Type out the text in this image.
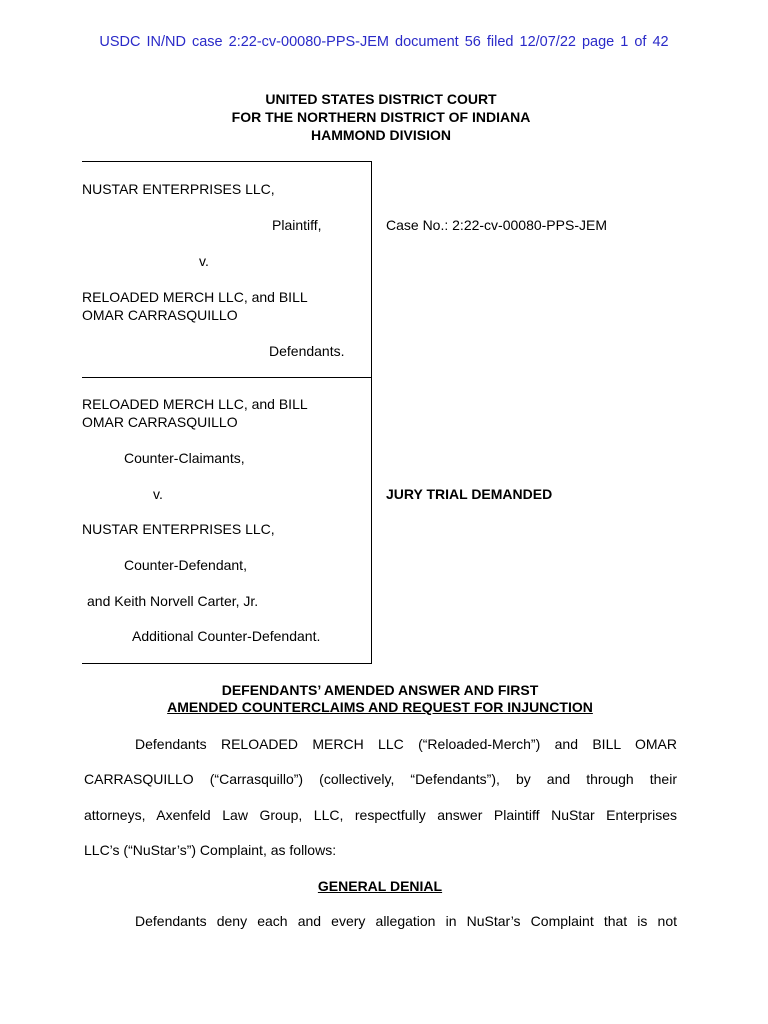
USDC IN/ND case 2:22-cv-00080-PPS-JEM document 56 filed 12/07/22 page 1 of 42
UNITED STATES DISTRICT COURT
FOR THE NORTHERN DISTRICT OF INDIANA
HAMMOND DIVISION
NUSTAR ENTERPRISES LLC,
Plaintiff,
v.
RELOADED MERCH LLC, and BILL
OMAR CARRASQUILLO
Defendants.
RELOADED MERCH LLC, and BILL
OMAR CARRASQUILLO
Counter-Claimants,
v.
NUSTAR ENTERPRISES LLC,
Counter-Defendant,
and Keith Norvell Carter, Jr.
Additional Counter-Defendant.
Case No.: 2:22-cv-00080-PPS-JEM
JURY TRIAL DEMANDED
DEFENDANTS’ AMENDED ANSWER AND FIRST
AMENDED COUNTERCLAIMS AND REQUEST FOR INJUNCTION
Defendants RELOADED MERCH LLC (“Reloaded-Merch”) and BILL OMAR
CARRASQUILLO (“Carrasquillo”) (collectively, “Defendants”), by and through their
attorneys, Axenfeld Law Group, LLC, respectfully answer Plaintiff NuStar Enterprises
LLC’s (“NuStar’s”) Complaint, as follows:
GENERAL DENIAL
Defendants deny each and every allegation in NuStar’s Complaint that is not
